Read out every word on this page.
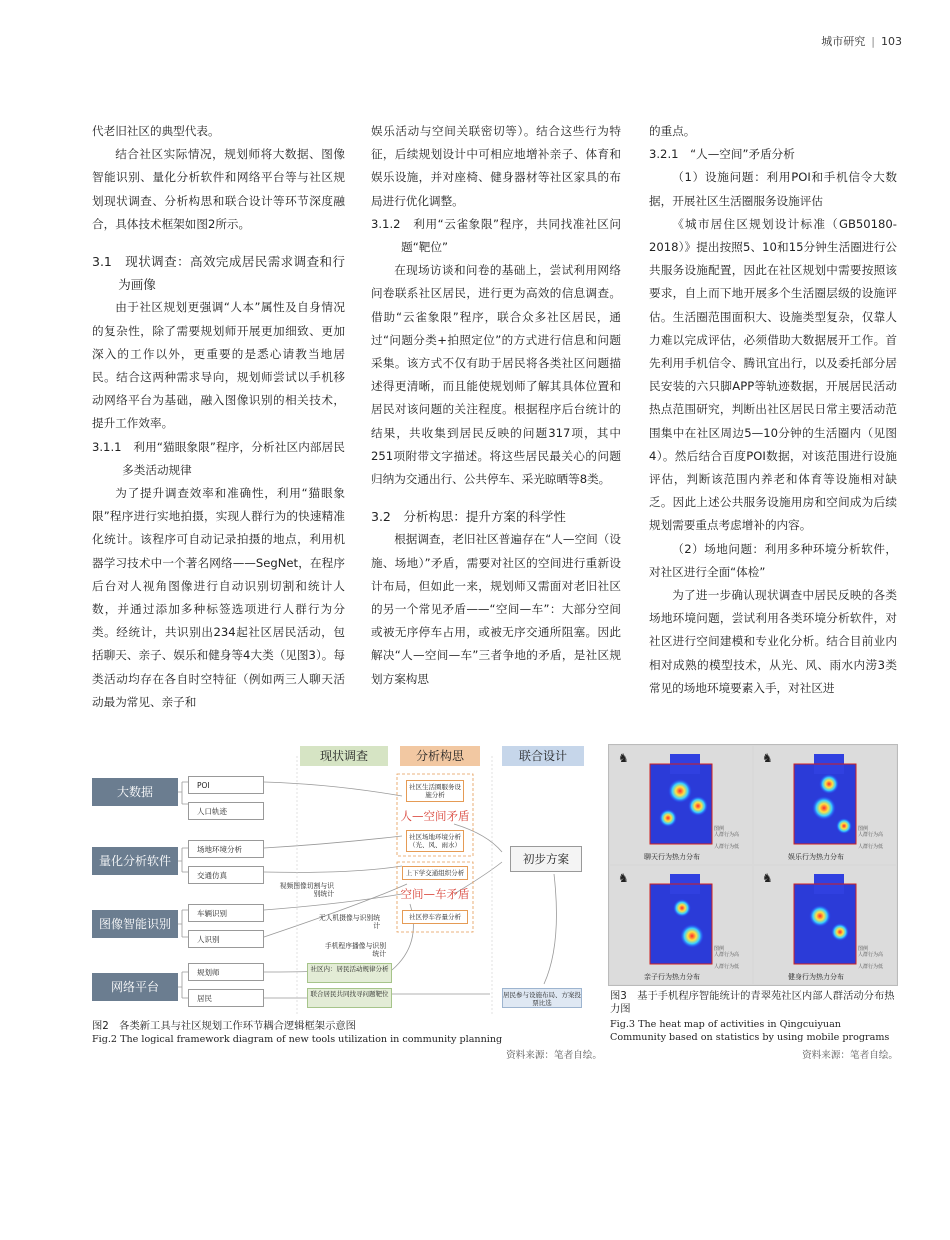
城市研究 | 103

代老旧社区的典型代表。

结合社区实际情况，规划师将大数据、图像智能识别、量化分析软件和网络平台等与社区规划现状调查、分析构思和联合设计等环节深度融合，具体技术框架如图2所示。

3.1　现状调查：高效完成居民需求调查和行为画像

由于社区规划更强调“人本”属性及自身情况的复杂性，除了需要规划师开展更加细致、更加深入的工作以外，更重要的是悉心请教当地居民。结合这两种需求导向，规划师尝试以手机移动网络平台为基础，融入图像识别的相关技术，提升工作效率。

3.1.1　利用“猫眼象限”程序，分析社区内部居民多类活动规律

为了提升调查效率和准确性，利用“猫眼象限”程序进行实地拍摄，实现人群行为的快速精准化统计。该程序可自动记录拍摄的地点，利用机器学习技术中一个著名网络——SegNet，在程序后台对人视角图像进行自动识别切割和统计人数，并通过添加多种标签选项进行人群行为分类。经统计，共识别出234起社区居民活动，包括聊天、亲子、娱乐和健身等4大类（见图3）。每类活动均存在各自时空特征（例如两三人聊天活动最为常见、亲子和

娱乐活动与空间关联密切等）。结合这些行为特征，后续规划设计中可相应地增补亲子、体育和娱乐设施，并对座椅、健身器材等社区家具的布局进行优化调整。

3.1.2　利用“云雀象限”程序，共同找准社区问题“靶位”

在现场访谈和问卷的基础上，尝试利用网络问卷联系社区居民，进行更为高效的信息调查。借助“云雀象限”程序，联合众多社区居民，通过“问题分类+拍照定位”的方式进行信息和问题采集。该方式不仅有助于居民将各类社区问题描述得更清晰，而且能使规划师了解其具体位置和居民对该问题的关注程度。根据程序后台统计的结果，共收集到居民反映的问题317项，其中251项附带文字描述。将这些居民最关心的问题归纳为交通出行、公共停车、采光晾晒等8类。

3.2　分析构思：提升方案的科学性

根据调查，老旧社区普遍存在“人—空间（设施、场地）”矛盾，需要对社区的空间进行重新设计布局，但如此一来，规划师又需面对老旧社区的另一个常见矛盾——“空间—车”：大部分空间或被无序停车占用，或被无序交通所阻塞。因此解决“人—空间—车”三者争地的矛盾，是社区规划方案构思

的重点。

3.2.1　“人—空间”矛盾分析

（1）设施问题：利用POI和手机信令大数据，开展社区生活圈服务设施评估

《城市居住区规划设计标准（GB50180-2018）》提出按照5、10和15分钟生活圈进行公共服务设施配置，因此在社区规划中需要按照该要求，自上而下地开展多个生活圈层级的设施评估。生活圈范围面积大、设施类型复杂，仅靠人力难以完成评估，必须借助大数据展开工作。首先利用手机信令、腾讯宜出行，以及委托部分居民安装的六只脚APP等轨迹数据，开展居民活动热点范围研究，判断出社区居民日常主要活动范围集中在社区周边5—10分钟的生活圈内（见图4）。然后结合百度POI数据，对该范围进行设施评估，判断该范围内养老和体育等设施相对缺乏。因此上述公共服务设施用房和空间成为后续规划需要重点考虑增补的内容。

（2）场地问题：利用多种环境分析软件，对社区进行全面“体检”

为了进一步确认现状调查中居民反映的各类场地环境问题，尝试利用各类环境分析软件，对社区进行空间建模和专业化分析。结合目前业内相对成熟的模型技术，从光、风、雨水内涝3类常见的场地环境要素入手，对社区进

现状调查	分析构思	联合设计
大数据
量化分析软件
图像智能识别
网络平台
POI
人口轨迹
场地环境分析
交通仿真
车辆识别
人识别
规划师
居民
社区生活圈服务设施分析
人—空间矛盾
社区场地环境分析（光、风、雨水）
上下学交通组织分析
空间—车矛盾
社区停车容量分析
视频图像切割与识别统计
无人机摄像与识别统计
手机程序播像与识别统计
社区内：居民活动规律分析
联合居民共同找寻问题靶位
初步方案
居民参与设施布局、方案投票比选
图2　各类新工具与社区规划工作环节耦合逻辑框架示意图
Fig.2 The logical framework diagram of new tools utilization in community planning
资料来源：笔者自绘。
♞
聊天行为热力分布
图例
人群行为高

人群行为低
♞
娱乐行为热力分布
图例
人群行为高

人群行为低
♞
亲子行为热力分布
图例
人群行为高

人群行为低
♞
健身行为热力分布
图例
人群行为高

人群行为低
图3　基于手机程序智能统计的青翠苑社区内部人群活动分布热力图
Fig.3 The heat map of activities in Qingcuiyuan Community based on statistics by using mobile programs
资料来源：笔者自绘。
